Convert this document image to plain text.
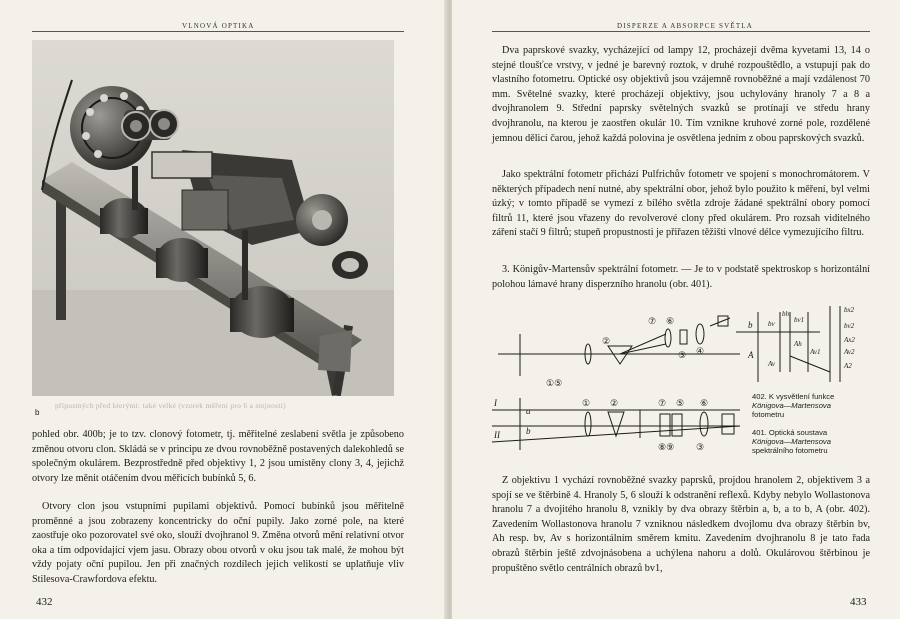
VLNOVÁ OPTIKA
b
přípustných před kterými: také velké (vzorek měření pro 6 a stejnosti)
pohled obr. 400b; je to tzv. clonový fotometr, tj. měřitelné zeslabení světla je způsobeno změnou otvoru clon. Skládá se v principu ze dvou rovnoběžně postavených dalekohledů se společným okulárem. Bezprostředně před objektivy 1, 2 jsou umístěny clony 3, 4, jejichž otvory lze měnit otáčením dvou měřicích bubínků 5, 6.
Otvory clon jsou vstupními pupilami objektivů. Pomocí bubínků jsou měřitelně proměnné a jsou zobrazeny koncentricky do oční pupily. Jako zorné pole, na které zaostřuje oko pozorovatel své oko, slouží dvojhranol 9. Změna otvorů mění relativní otvor oka a tím odpovídající vjem jasu. Obrazy obou otvorů v oku jsou tak malé, že mohou být vždy pojaty oční pupilou. Jen při značných rozdílech jejich velikostí se uplatňuje vliv Stilesova-Crawfordova efektu.
432
DISPERZE A ABSORPCE SVĚTLA
Dva paprskové svazky, vycházející od lampy 12, procházejí dvěma kyvetami 13, 14 o stejné tloušťce vrstvy, v jedné je barevný roztok, v druhé rozpouštědlo, a vstupují pak do vlastního fotometru. Optické osy objektivů jsou vzájemně rovnoběžné a mají vzdálenost 70 mm. Světelné svazky, které procházejí objektivy, jsou uchylovány hranoly 7 a 8 a dvojhranolem 9. Střední paprsky světelných svazků se protínají ve středu hrany dvojhranolu, na kterou je zaostřen okulár 10. Tím vznikne kruhové zorné pole, rozdělené jemnou dělicí čarou, jehož každá polovina je osvětlena jedním z obou paprskových svazků.
Jako spektrální fotometr přichází Pulfrichův fotometr ve spojení s monochromátorem. V některých případech není nutné, aby spektrální obor, jehož bylo použito k měření, byl velmi úzký; v tomto případě se vymezí z bílého světla zdroje žádané spektrální obory pomocí filtrů 11, které jsou vřazeny do revolverové clony před okulárem. Pro rozsah viditelného záření stačí 9 filtrů; stupeň propustnosti je přiřazen těžišti vlnové délce vymezujícího filtru.
3. Königův-Martensův spektrální fotometr. — Je to v podstatě spektroskop s horizontální polohou lámavé hrany disperzního hranolu (obr. 401).
①⑤
②
⑦ ⑥
③ ④
I
II
a
b
① ②	⑦ ⑤ ⑥
⑧⑨ ③
b
A
bv
bh
bv1
Av
Ah
Av1
bx2
bv2
Ax2
Av2
A2
402. K vysvětlení funkce
Königova—Martensova
fotometru
401. Optická soustava
Königova—Martensova
spektrálního fotometru
Z objektivu 1 vychází rovnoběžné svazky paprsků, projdou hranolem 2, objektivem 3 a spojí se ve štěrbině 4. Hranoly 5, 6 slouží k odstranění reflexů. Kdyby nebylo Wollastonova hranolu 7 a dvojitého hranolu 8, vznikly by dva obrazy štěrbin a, b, a to b, A (obr. 402). Zavedením Wollastonova hranolu 7 vzniknou následkem dvojlomu dva obrazy štěrbin bv, Ah resp. bv, Av s horizontálním směrem kmitu. Zavedením dvojhranolu 8 je tato řada obrazů štěrbin ještě zdvojnásobena a uchýlena nahoru a dolů. Okulárovou štěrbinou je propuštěno světlo centrálních obrazů bv1,
433
